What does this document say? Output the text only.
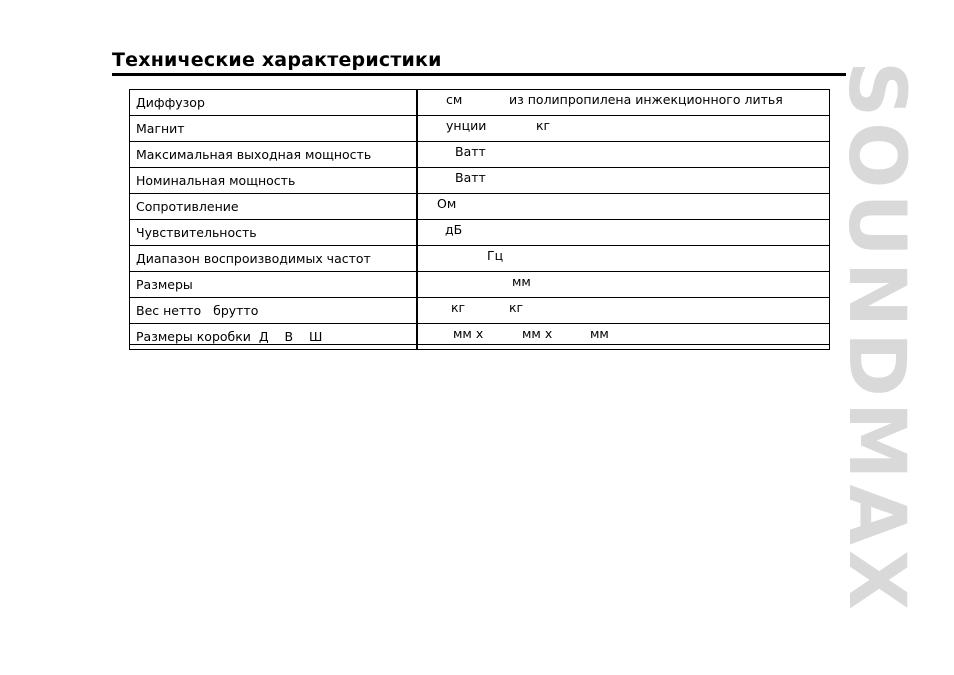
Технические характеристики
Диффузор	см из полипропилена инжекционного литья

Магнит	унции кг

Максимальная выходная мощность	Ватт

Номинальная мощность	Ватт

Сопротивление	Ом

Чувствительность	дБ

Диапазон воспроизводимых частот	Гц

Размеры	мм

Вес нетто   брутто	кг кг

Размеры коробки  Д    В    Ш	мм x мм x мм	SOUNDMAX
